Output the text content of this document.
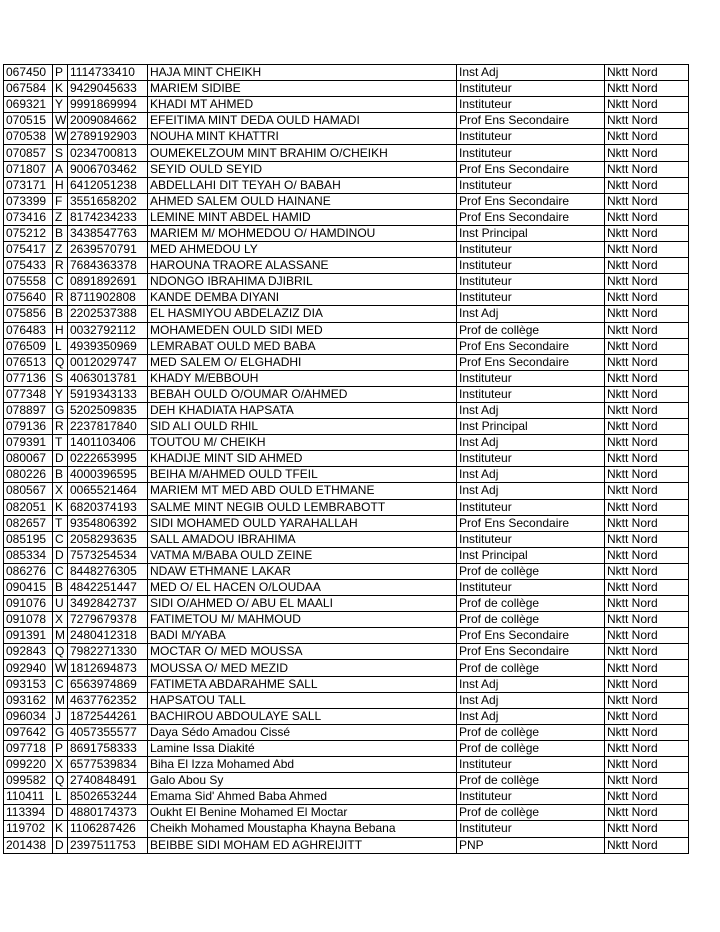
067450	P	1114733410	HAJA MINT CHEIKH	Inst Adj	Nktt Nord
067584	K	9429045633	MARIEM SIDIBE	Instituteur	Nktt Nord
069321	Y	9991869994	KHADI MT AHMED	Instituteur	Nktt Nord
070515	W	2009084662	EFEITIMA MINT DEDA OULD HAMADI	Prof Ens Secondaire	Nktt Nord
070538	W	2789192903	NOUHA MINT KHATTRI	Instituteur	Nktt Nord
070857	S	0234700813	OUMEKELZOUM MINT BRAHIM O/CHEIKH	Instituteur	Nktt Nord
071807	A	9006703462	SEYID OULD SEYID	Prof Ens Secondaire	Nktt Nord
073171	H	6412051238	ABDELLAHI DIT TEYAH O/ BABAH	Instituteur	Nktt Nord
073399	F	3551658202	AHMED SALEM OULD HAINANE	Prof Ens Secondaire	Nktt Nord
073416	Z	8174234233	LEMINE MINT ABDEL HAMID	Prof Ens Secondaire	Nktt Nord
075212	B	3438547763	MARIEM M/ MOHMEDOU O/ HAMDINOU	Inst Principal	Nktt Nord
075417	Z	2639570791	MED AHMEDOU LY	Instituteur	Nktt Nord
075433	R	7684363378	HAROUNA TRAORE ALASSANE	Instituteur	Nktt Nord
075558	C	0891892691	NDONGO IBRAHIMA DJIBRIL	Instituteur	Nktt Nord
075640	R	8711902808	KANDE DEMBA DIYANI	Instituteur	Nktt Nord
075856	B	2202537388	EL HASMIYOU ABDELAZIZ DIA	Inst Adj	Nktt Nord
076483	H	0032792112	MOHAMEDEN OULD SIDI MED	Prof de collège	Nktt Nord
076509	L	4939350969	LEMRABAT OULD MED BABA	Prof Ens Secondaire	Nktt Nord
076513	Q	0012029747	MED SALEM O/ ELGHADHI	Prof Ens Secondaire	Nktt Nord
077136	S	4063013781	KHADY M/EBBOUH	Instituteur	Nktt Nord
077348	Y	5919343133	BEBAH OULD O/OUMAR O/AHMED	Instituteur	Nktt Nord
078897	G	5202509835	DEH KHADIATA HAPSATA	Inst Adj	Nktt Nord
079136	R	2237817840	SID ALI OULD RHIL	Inst Principal	Nktt Nord
079391	T	1401103406	TOUTOU M/ CHEIKH	Inst Adj	Nktt Nord
080067	D	0222653995	KHADIJE MINT SID AHMED	Instituteur	Nktt Nord
080226	B	4000396595	BEIHA M/AHMED OULD TFEIL	Inst Adj	Nktt Nord
080567	X	0065521464	MARIEM MT MED ABD OULD ETHMANE	Inst Adj	Nktt Nord
082051	K	6820374193	SALME MINT NEGIB OULD LEMBRABOTT	Instituteur	Nktt Nord
082657	T	9354806392	SIDI MOHAMED OULD YARAHALLAH	Prof Ens Secondaire	Nktt Nord
085195	C	2058293635	SALL AMADOU IBRAHIMA	Instituteur	Nktt Nord
085334	D	7573254534	VATMA M/BABA OULD ZEINE	Inst Principal	Nktt Nord
086276	C	8448276305	NDAW ETHMANE LAKAR	Prof de collège	Nktt Nord
090415	B	4842251447	MED O/ EL HACEN O/LOUDAA	Instituteur	Nktt Nord
091076	U	3492842737	SIDI O/AHMED O/ ABU EL MAALI	Prof de collège	Nktt Nord
091078	X	7279679378	FATIMETOU M/ MAHMOUD	Prof de collège	Nktt Nord
091391	M	2480412318	BADI M/YABA	Prof Ens Secondaire	Nktt Nord
092843	Q	7982271330	MOCTAR O/ MED MOUSSA	Prof Ens Secondaire	Nktt Nord
092940	W	1812694873	MOUSSA O/ MED MEZID	Prof de collège	Nktt Nord
093153	C	6563974869	FATIMETA ABDARAHME SALL	Inst Adj	Nktt Nord
093162	M	4637762352	HAPSATOU TALL	Inst Adj	Nktt Nord
096034	J	1872544261	BACHIROU ABDOULAYE SALL	Inst Adj	Nktt Nord
097642	G	4057355577	Daya Sédo Amadou Cissé	Prof de collège	Nktt Nord
097718	P	8691758333	Lamine Issa Diakité	Prof de collège	Nktt Nord
099220	X	6577539834	Biha El Izza Mohamed Abd	Instituteur	Nktt Nord
099582	Q	2740848491	Galo Abou Sy	Prof de collège	Nktt Nord
110411	L	8502653244	Emama Sid' Ahmed Baba Ahmed	Instituteur	Nktt Nord
113394	D	4880174373	Oukht El Benine Mohamed El Moctar	Prof de collège	Nktt Nord
119702	K	1106287426	Cheikh Mohamed Moustapha Khayna Bebana	Instituteur	Nktt Nord
201438	D	2397511753	BEIBBE SIDI MOHAM ED AGHREIJITT	PNP	Nktt Nord
